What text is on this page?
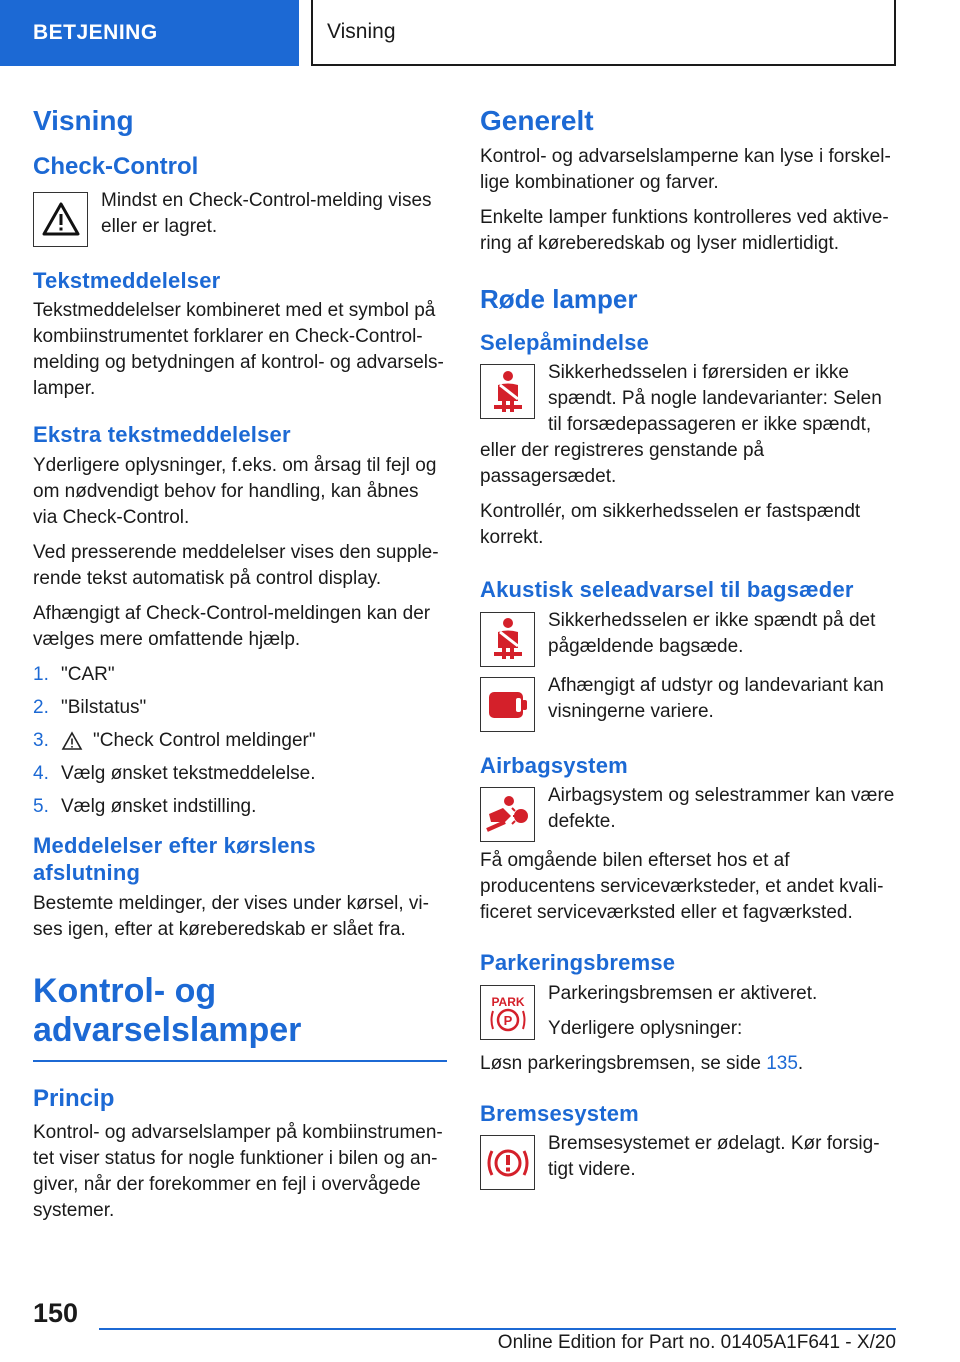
BETJENING	Visning
Visning
Check-Control

Mindst en Check-Control-melding vises eller er lagret.

Tekstmeddelelser

Tekstmeddelelser kombineret med et symbol på kombiinstrumentet forklarer en Check-Control-melding og betydningen af kontrol- og advarsels-lamper.

Ekstra tekstmeddelelser

Yderligere oplysninger, f.eks. om årsag til fejl og om nødvendigt behov for handling, kan åbnes via Check-Control.

Ved presserende meddelelser vises den supple-rende tekst automatisk på control display.

Afhængigt af Check-Control-meldingen kan der vælges mere omfattende hjælp.

1. "CAR"
2. "Bilstatus"
3.	"Check Control meldinger"
4. Vælg ønsket tekstmeddelelse.
5. Vælg ønsket indstilling.
Meddelelser efter kørslens afslutning

Bestemte meldinger, der vises under kørsel, vi-ses igen, efter at køreberedskab er slået fra.

Kontrol- og advarselslamper
Princip

Kontrol- og advarselslamper på kombiinstrumen-tet viser status for nogle funktioner i bilen og an-giver, når der forekommer en fejl i overvågede systemer.

Generelt

Kontrol- og advarselslamperne kan lyse i forskel-lige kombinationer og farver.

Enkelte lamper funktions kontrolleres ved aktive-ring af køreberedskab og lyser midlertidigt.

Røde lamper
Selepåmindelse

Sikkerhedsselen i førersiden er ikke spændt. På nogle landevarianter: Selen til forsædepassageren er ikke spændt, eller der registreres genstande på passagersædet.

Kontrollér, om sikkerhedsselen er fastspændt korrekt.

Akustisk seleadvarsel til bagsæder

Sikkerhedsselen er ikke spændt på det pågældende bagsæde.

Afhængigt af udstyr og landevariant kan visningerne variere.

Airbagsystem

Airbagsystem og selestrammer kan være defekte.

Få omgående bilen efterset hos et af producentens serviceværksteder, et andet kvali-ficeret serviceværksted eller et fagværksted.

Parkeringsbremse
PARK
P

Parkeringsbremsen er aktiveret.

Yderligere oplysninger:

Løsn parkeringsbremsen, se side 135.

Bremsesystem

Bremsesystemet er ødelagt. Kør forsig-tigt videre.

150
Online Edition for Part no. 01405A1F641 - X/20
